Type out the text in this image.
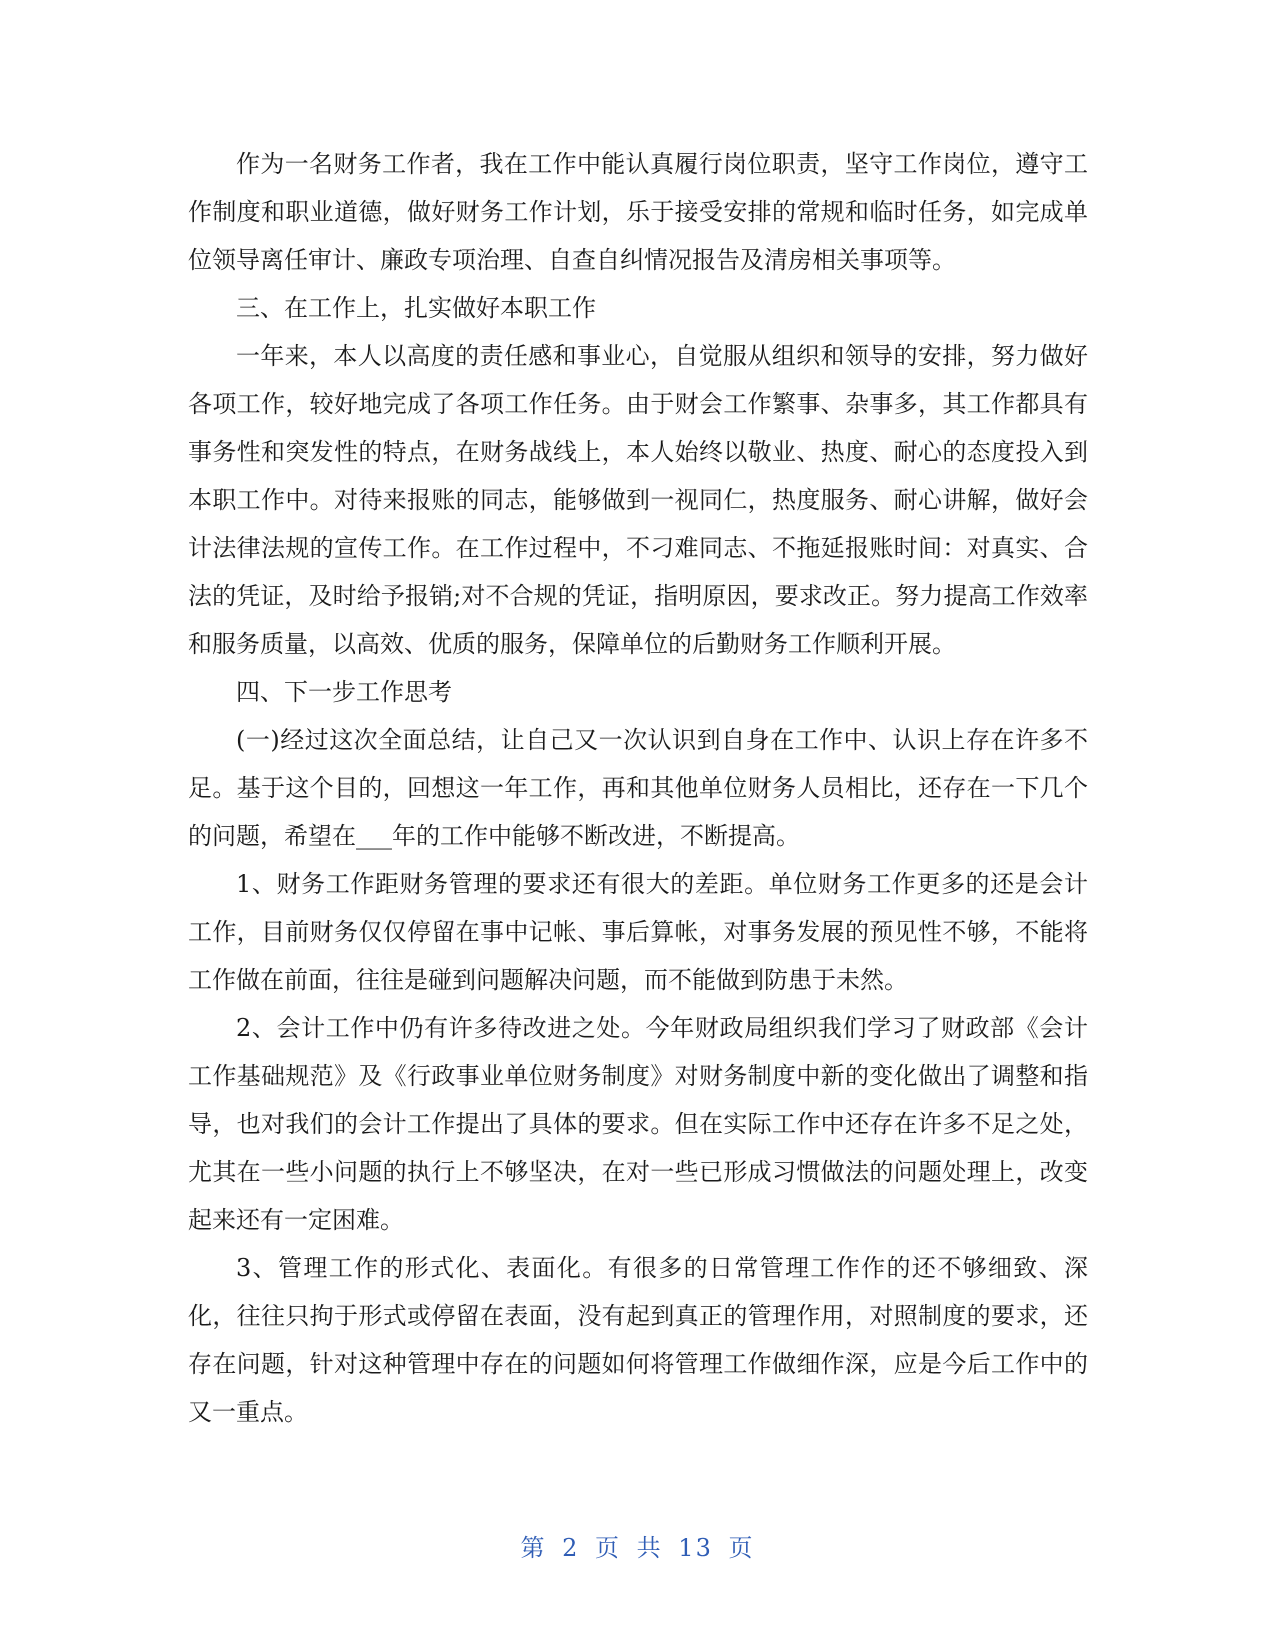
作为一名财务工作者，我在工作中能认真履行岗位职责，坚守工作岗位，遵守工作制度和职业道德，做好财务工作计划，乐于接受安排的常规和临时任务，如完成单位领导离任审计、廉政专项治理、自查自纠情况报告及清房相关事项等。

三、在工作上，扎实做好本职工作

一年来，本人以高度的责任感和事业心，自觉服从组织和领导的安排，努力做好各项工作，较好地完成了各项工作任务。由于财会工作繁事、杂事多，其工作都具有事务性和突发性的特点，在财务战线上，本人始终以敬业、热度、耐心的态度投入到本职工作中。对待来报账的同志，能够做到一视同仁，热度服务、耐心讲解，做好会计法律法规的宣传工作。在工作过程中，不刁难同志、不拖延报账时间：对真实、合法的凭证，及时给予报销;对不合规的凭证，指明原因，要求改正。努力提高工作效率和服务质量，以高效、优质的服务，保障单位的后勤财务工作顺利开展。

四、下一步工作思考

(一)经过这次全面总结，让自己又一次认识到自身在工作中、认识上存在许多不足。基于这个目的，回想这一年工作，再和其他单位财务人员相比，还存在一下几个的问题，希望在___年的工作中能够不断改进，不断提高。

1、财务工作距财务管理的要求还有很大的差距。单位财务工作更多的还是会计工作，目前财务仅仅停留在事中记帐、事后算帐，对事务发展的预见性不够，不能将工作做在前面，往往是碰到问题解决问题，而不能做到防患于未然。

2、会计工作中仍有许多待改进之处。今年财政局组织我们学习了财政部《会计工作基础规范》及《行政事业单位财务制度》对财务制度中新的变化做出了调整和指导，也对我们的会计工作提出了具体的要求。但在实际工作中还存在许多不足之处，尤其在一些小问题的执行上不够坚决，在对一些已形成习惯做法的问题处理上，改变起来还有一定困难。

3、管理工作的形式化、表面化。有很多的日常管理工作作的还不够细致、深化，往往只拘于形式或停留在表面，没有起到真正的管理作用，对照制度的要求，还存在问题，针对这种管理中存在的问题如何将管理工作做细作深，应是今后工作中的又一重点。

第 2 页 共 13 页
